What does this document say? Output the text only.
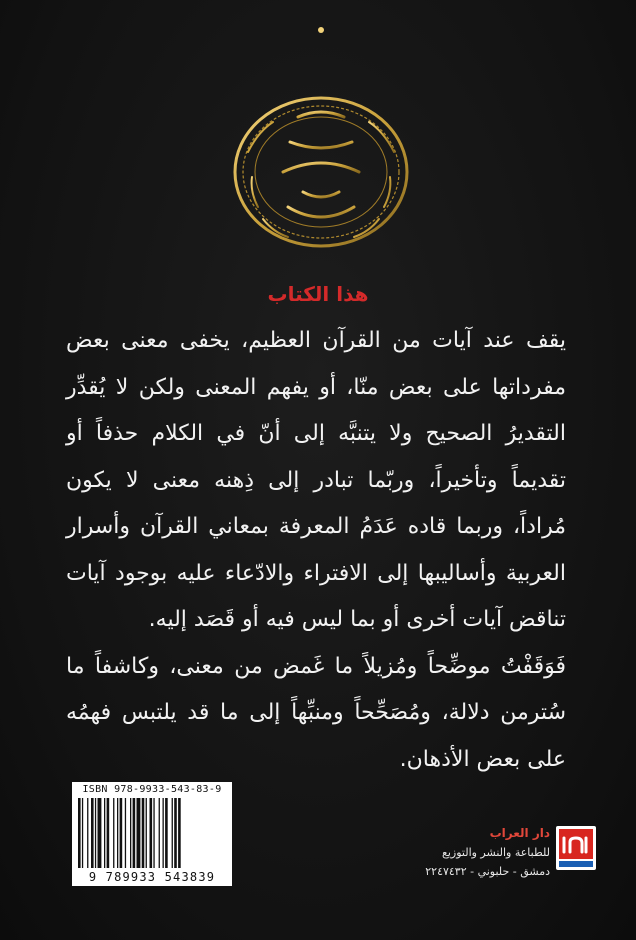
هذا الكتاب
يقف عند آيات من القرآن العظيم، يخفى معنى بعض
مفرداتها على بعض منّا، أو يفهم المعنى ولكن لا يُقدِّر
التقديرُ الصحيح ولا يتنبَّه إلى أنّ في الكلام حذفاً أو
تقديماً وتأخيراً، وربّما تبادر إلى ذِهنه معنى لا يكون
مُراداً، وربما قاده عَدَمُ المعرفة بمعاني القرآن وأسرار
العربية وأساليبها إلى الافتراء والادّعاء عليه بوجود آيات
تناقض آيات أخرى أو بما ليس فيه أو قَصَد إليه.
فَوَقَفْتُ موضِّحاً ومُزيلاً ما غَمض من معنى، وكاشفاً ما
سُترمن دلالة، ومُصَحِّحاً ومنبِّهاً إلى ما قد يلتبس فهمُه
على بعض الأذهان.
ISBN 978-9933-543-83-9
9 789933 543839
دار العراب
للطباعة والنشر والتوزيع
دمشق - حلبوني - ٢٢٤٧٤٣٢
